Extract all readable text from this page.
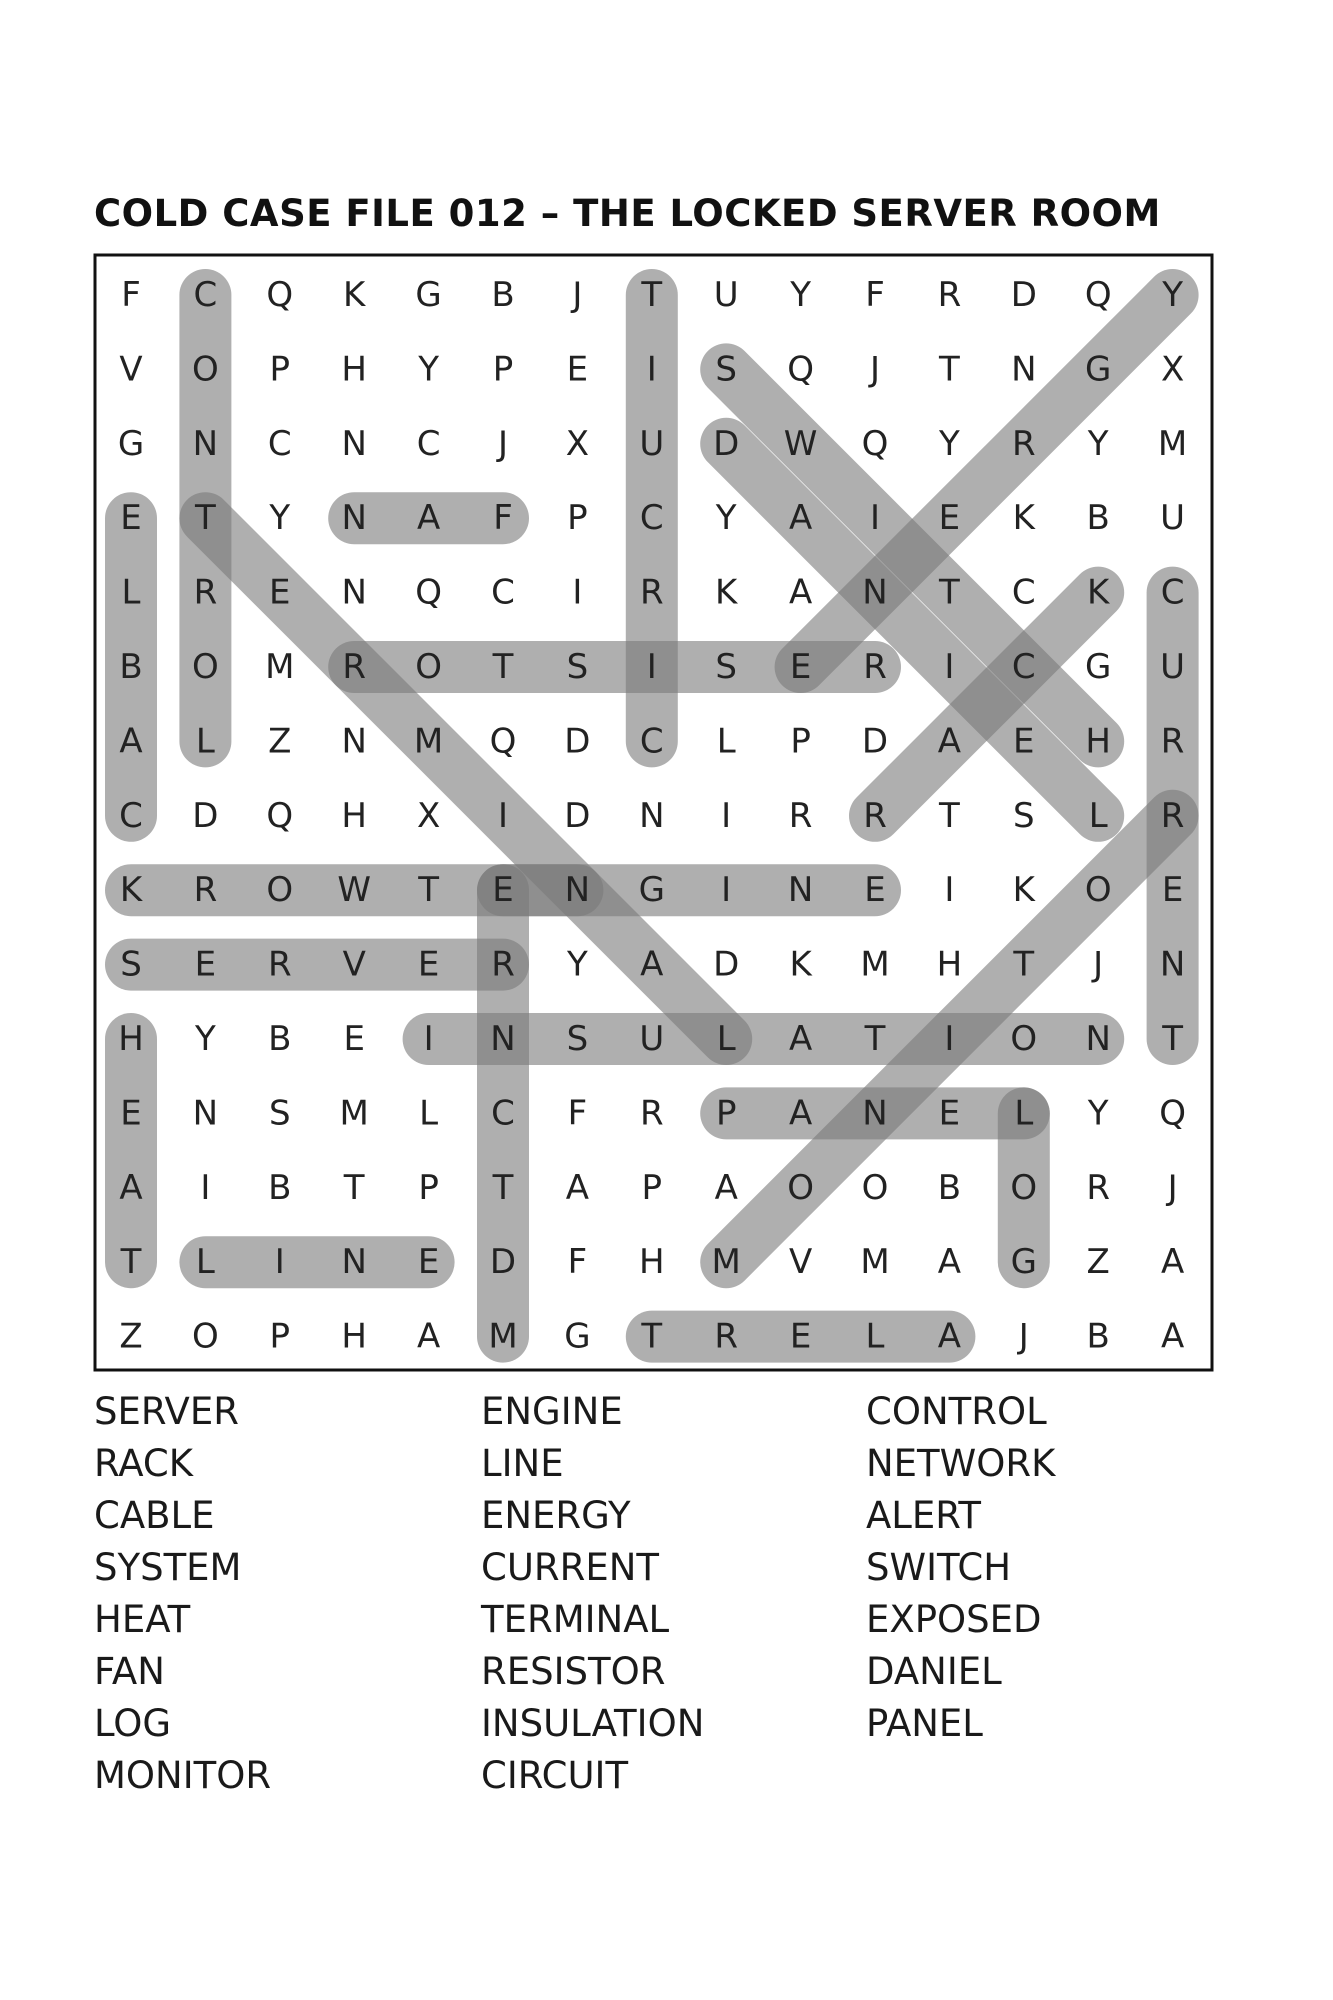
COLD CASE FILE 012 – THE LOCKED SERVER ROOM
F C Q K G B J T U Y F R D Q Y
V O P H Y P E I S Q J T N G X
G N C N C J X U D W Q Y R Y M
E T Y N A F P C Y A I E K B U
L R E N Q C I R K A N T C K C
B O M R O T S I S E R I C G U
A L Z N M Q D C L P D A E H R
C D Q H X I D N I R R T S L R
K R O W T E N G I N E I K O E
S E R V E R Y A D K M H T J N
H Y B E I N S U L A T I O N T
E N S M L C F R P A N E L Y Q
A I B T P T A P A O O B O R J
T L I N E D F H M V M A G Z A
Z O P H A M G T R E L A J B A
SERVER
RACK
CABLE
SYSTEM
HEAT
FAN
LOG
MONITOR
ENGINE
LINE
ENERGY
CURRENT
TERMINAL
RESISTOR
INSULATION
CIRCUIT
CONTROL
NETWORK
ALERT
SWITCH
EXPOSED
DANIEL
PANEL
